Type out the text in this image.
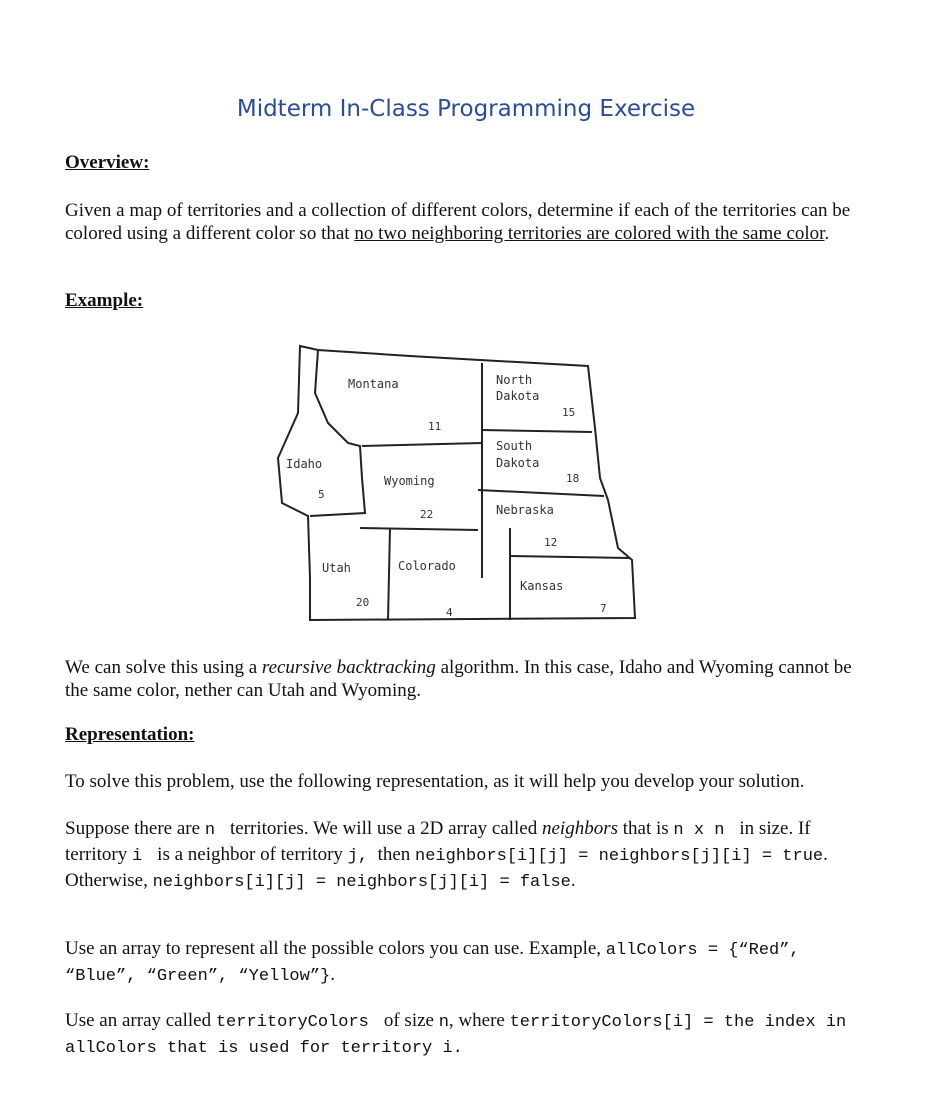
Midterm In-Class Programming Exercise
Overview:
Given a map of territories and a collection of different colors, determine if each of the territories can be colored using a different color so that no two neighboring territories are colored with the same color.
Example:
Montana
11
North
Dakota
15
Idaho
5
Wyoming
22
South
Dakota
18
Nebraska
12
Utah
20
Colorado
4
Kansas
7
We can solve this using a recursive backtracking algorithm. In this case, Idaho and Wyoming cannot be the same color, nether can Utah and Wyoming.
Representation:
To solve this problem, use the following representation, as it will help you develop your solution.
Suppose there are n  territories. We will use a 2D array called neighbors that is n x n  in size. If territory i  is a neighbor of territory j,  then neighbors[i][j] = neighbors[j][i] = true. Otherwise, neighbors[i][j] = neighbors[j][i] = false.
Use an array to represent all the possible colors you can use. Example, allColors = {“Red”, “Blue”, “Green”, “Yellow”}.
Use an array called territoryColors  of size n, where territoryColors[i] = the index in allColors that is used for territory i.
